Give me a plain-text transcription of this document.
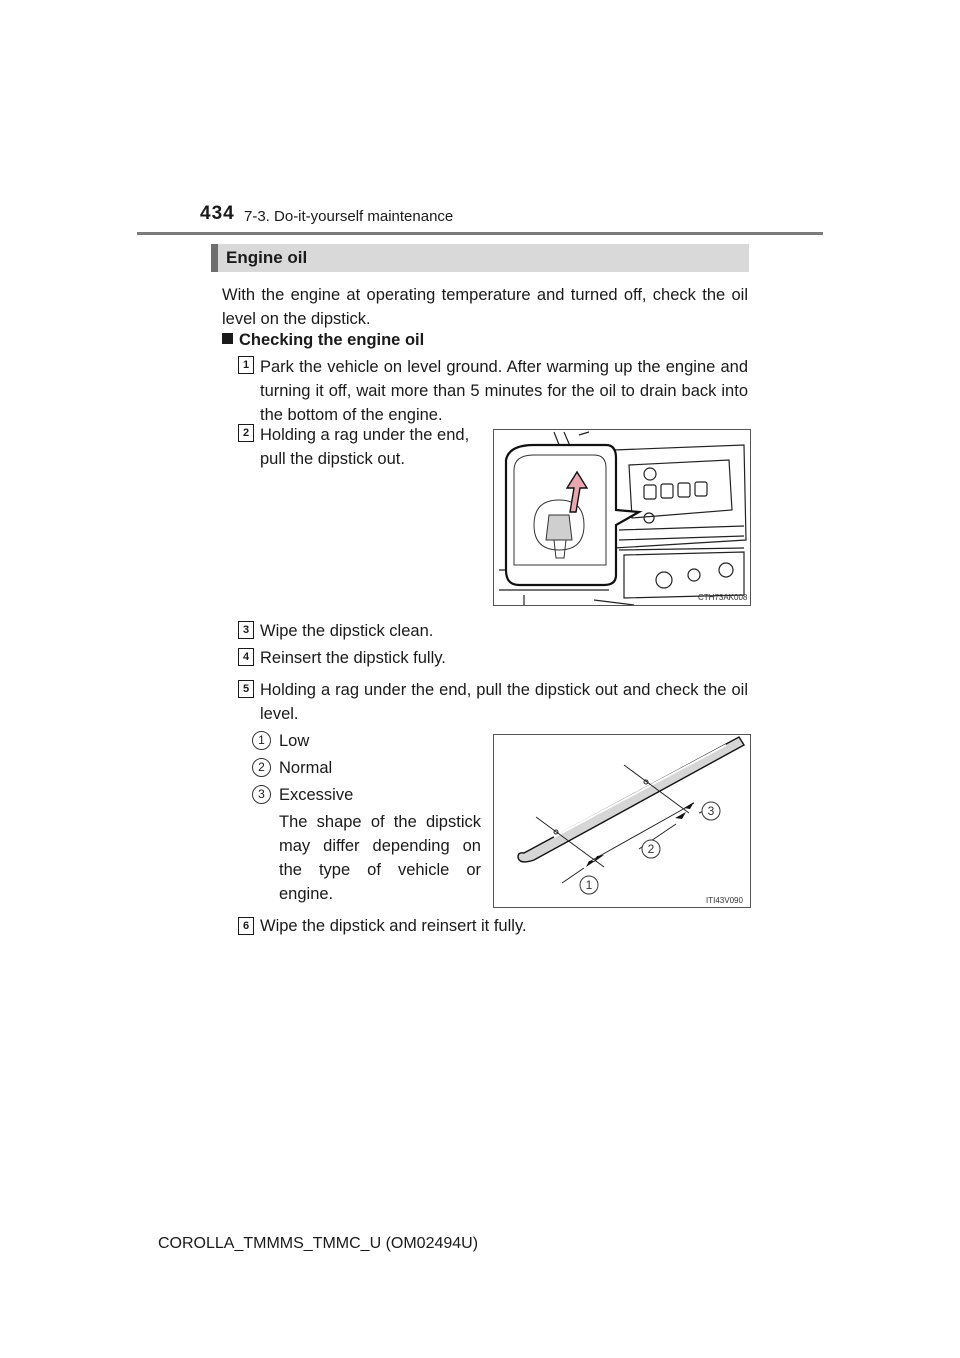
434 7-3. Do-it-yourself maintenance
Engine oil
With the engine at operating temperature and turned off, check the oil level on the dipstick.
Checking the engine oil
1 Park the vehicle on level ground. After warming up the engine and turning it off, wait more than 5 minutes for the oil to drain back into the bottom of the engine.
2 Holding a rag under the end, pull the dipstick out.
CTH73AK008
3 Wipe the dipstick clean.
4 Reinsert the dipstick fully.
5 Holding a rag under the end, pull the dipstick out and check the oil level.
1 Low
2 Normal
3 Excessive
The shape of the dipstick may differ depending on the type of vehicle or engine.	1
2
3
ITI43V090
6 Wipe the dipstick and reinsert it fully.
COROLLA_TMMMS_TMMC_U (OM02494U)
